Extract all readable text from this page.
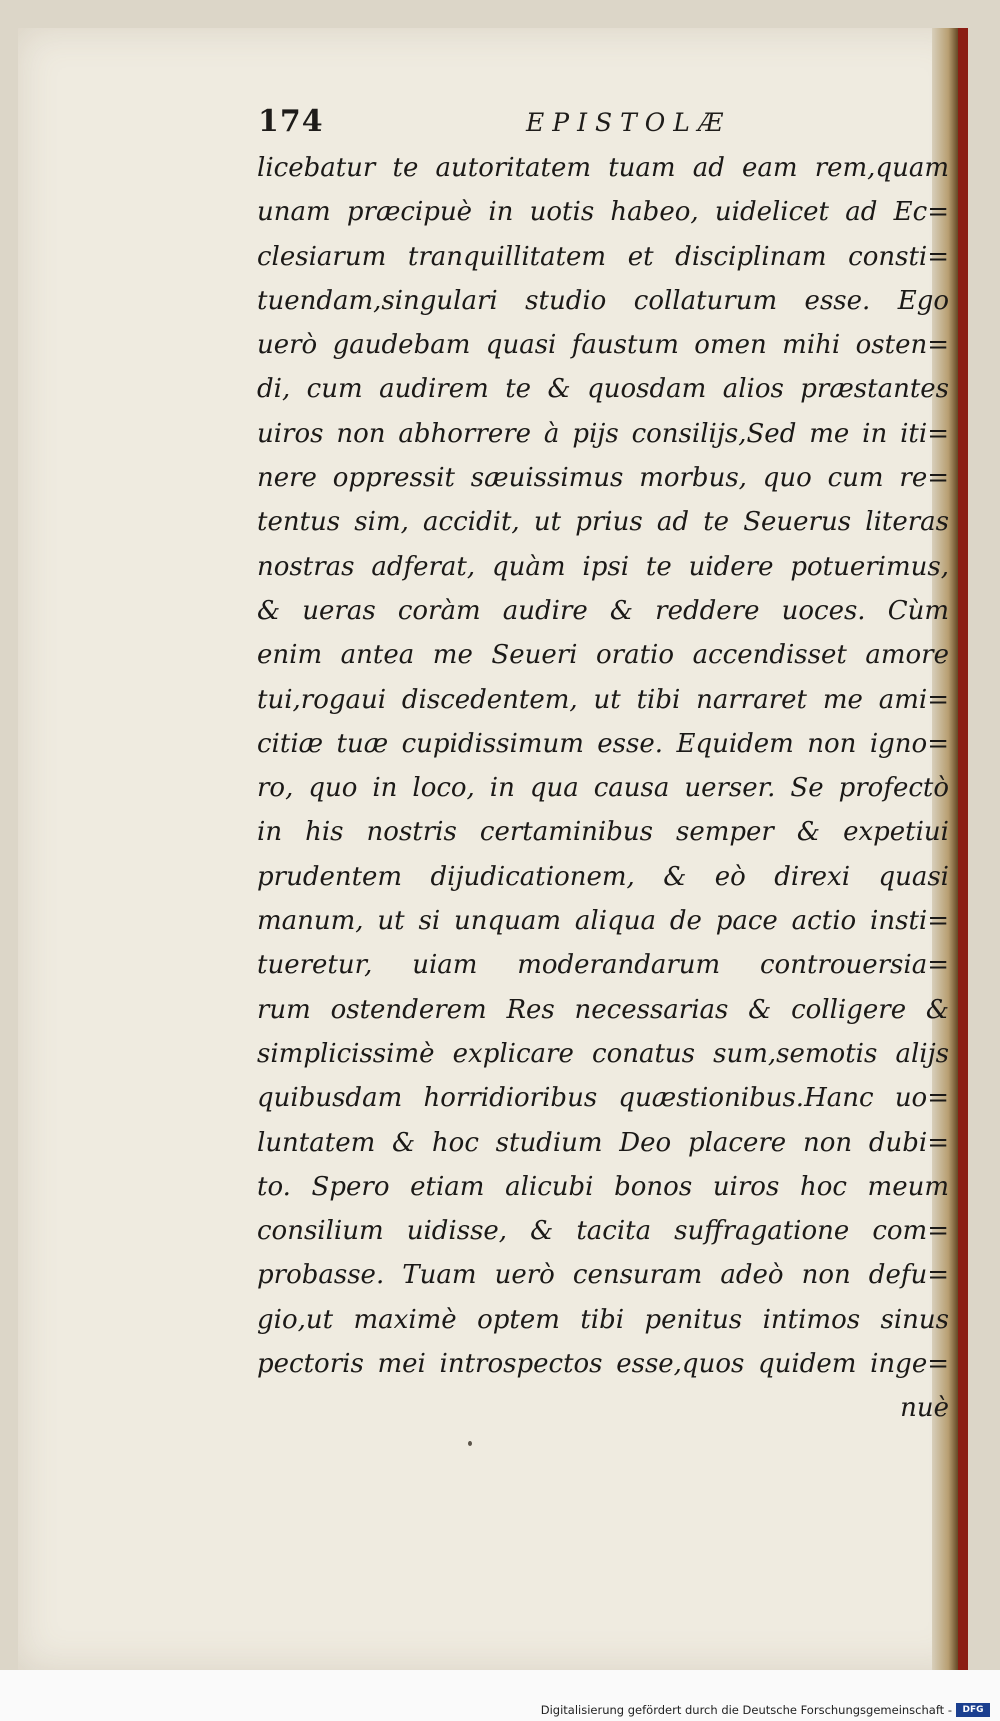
174	EPISTOLÆ
licebatur te autoritatem tuam ad eam rem,quam
unam præcipuè in uotis habeo, uidelicet ad Ec=
clesiarum tranquillitatem et disciplinam consti=
tuendam,singulari studio collaturum esse. Ego
uerò gaudebam quasi faustum omen mihi osten=
di, cum audirem te & quosdam alios præstantes
uiros non abhorrere à pijs consilijs,Sed me in iti=
nere oppressit sæuissimus morbus, quo cum re=
tentus sim, accidit, ut prius ad te Seuerus literas
nostras adferat, quàm ipsi te uidere potuerimus,
& ueras coràm audire & reddere uoces. Cùm
enim antea me Seueri oratio accendisset amore
tui,rogaui discedentem, ut tibi narraret me ami=
citiæ tuæ cupidissimum esse. Equidem non igno=
ro, quo in loco, in qua causa uerser. Se profectò
in his nostris certaminibus semper & expetiui
prudentem dijudicationem, & eò direxi quasi
manum, ut si unquam aliqua de pace actio insti=
tueretur, uiam moderandarum controuersia=
rum ostenderem Res necessarias & colligere &
simplicissimè explicare conatus sum,semotis alijs
quibusdam horridioribus quæstionibus.Hanc uo=
luntatem & hoc studium Deo placere non dubi=
to. Spero etiam alicubi bonos uiros hoc meum
consilium uidisse, & tacita suffragatione com=
probasse. Tuam uerò censuram adeò non defu=
gio,ut maximè optem tibi penitus intimos sinus
pectoris mei introspectos esse,quos quidem inge=
nuè
Digitalisierung gefördert durch die Deutsche Forschungsgemeinschaft -	DFG
